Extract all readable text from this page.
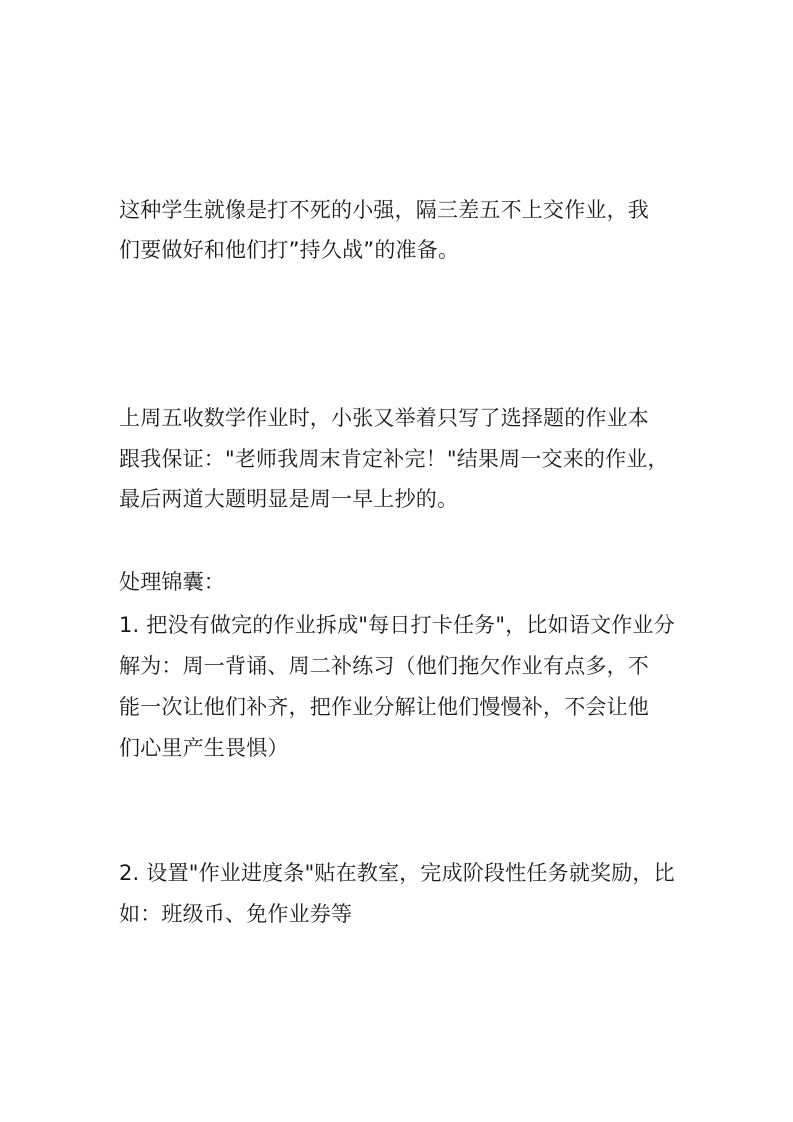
这种学生就像是打不死的小强，隔三差五不上交作业，我
们要做好和他们打”持久战”的准备。
上周五收数学作业时，小张又举着只写了选择题的作业本
跟我保证："老师我周末肯定补完！"结果周一交来的作业，
最后两道大题明显是周一早上抄的。
处理锦囊：
1. 把没有做完的作业拆成"每日打卡任务"，比如语文作业分
解为：周一背诵、周二补练习（他们拖欠作业有点多，不
能一次让他们补齐，把作业分解让他们慢慢补，不会让他
们心里产生畏惧）
2. 设置"作业进度条"贴在教室，完成阶段性任务就奖励，比
如：班级币、免作业券等
